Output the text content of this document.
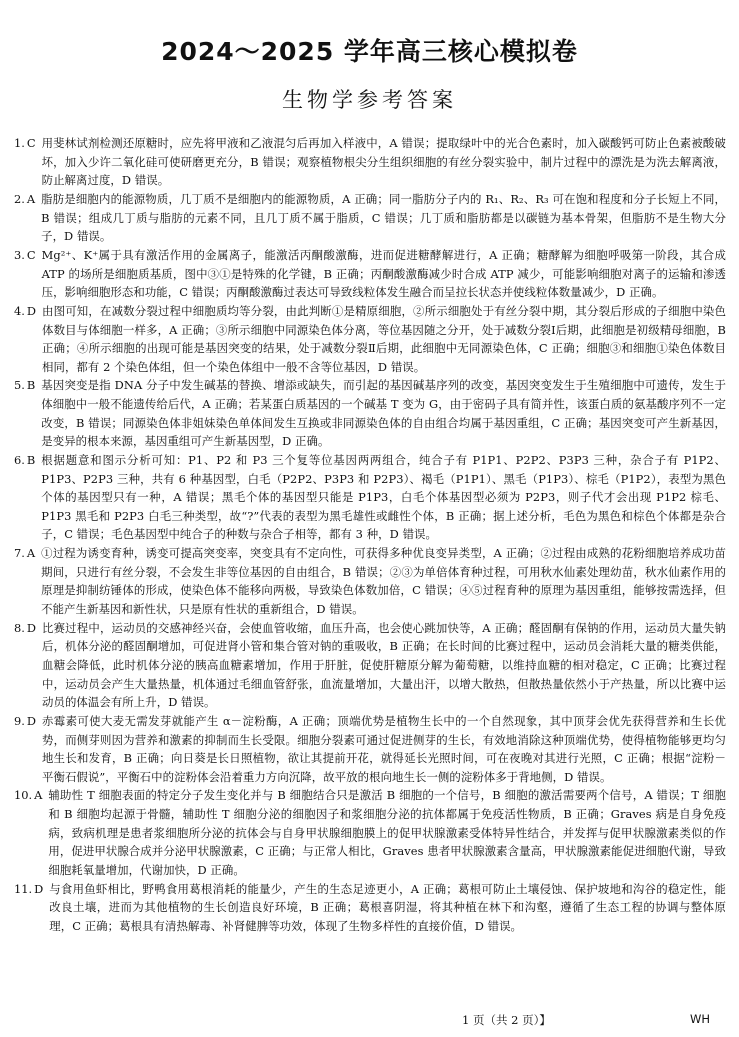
2024～2025 学年高三核心模拟卷
生物学参考答案
1. C 用斐林试剂检测还原糖时，应先将甲液和乙液混匀后再加入样液中，A 错误；提取绿叶中的光合色素时，加入碳酸钙可防止色素被酸破坏，加入少许二氧化硅可使研磨更充分，B 错误；观察植物根尖分生组织细胞的有丝分裂实验中，制片过程中的漂洗是为洗去解离液，防止解离过度，D 错误。
2. A 脂肪是细胞内的能源物质，几丁质不是细胞内的能源物质，A 正确；同一脂肪分子内的 R₁、R₂、R₃ 可在饱和程度和分子长短上不同，B 错误；组成几丁质与脂肪的元素不同，且几丁质不属于脂质，C 错误；几丁质和脂肪都是以碳链为基本骨架，但脂肪不是生物大分子，D 错误。
3. C Mg²⁺、K⁺属于具有激活作用的金属离子，能激活丙酮酸激酶，进而促进糖酵解进行，A 正确；糖酵解为细胞呼吸第一阶段，其合成 ATP 的场所是细胞质基质，图中③①是特殊的化学键，B 正确；丙酮酸激酶减少时合成 ATP 减少，可能影响细胞对离子的运输和渗透压，影响细胞形态和功能，C 错误；丙酮酸激酶过表达可导致线粒体发生融合而呈拉长状态并使线粒体数量减少，D 正确。
4. D 由图可知，在减数分裂过程中细胞质均等分裂，由此判断①是精原细胞，②所示细胞处于有丝分裂中期，其分裂后形成的子细胞中染色体数目与体细胞一样多，A 正确；③所示细胞中同源染色体分离，等位基因随之分开，处于减数分裂Ⅰ后期，此细胞是初级精母细胞，B 正确；④所示细胞的出现可能是基因突变的结果，处于减数分裂Ⅱ后期，此细胞中无同源染色体，C 正确；细胞③和细胞①染色体数目相同，都有 2 个染色体组，但一个染色体组中一般不含等位基因，D 错误。
5. B 基因突变是指 DNA 分子中发生碱基的替换、增添或缺失，而引起的基因碱基序列的改变，基因突变发生于生殖细胞中可遗传，发生于体细胞中一般不能遗传给后代，A 正确；若某蛋白质基因的一个碱基 T 变为 G，由于密码子具有简并性，该蛋白质的氨基酸序列不一定改变，B 错误；同源染色体非姐妹染色单体间发生互换或非同源染色体的自由组合均属于基因重组，C 正确；基因突变可产生新基因，是变异的根本来源，基因重组可产生新基因型，D 正确。
6. B 根据题意和图示分析可知：P1、P2 和 P3 三个复等位基因两两组合，纯合子有 P1P1、P2P2、P3P3 三种，杂合子有 P1P2、P1P3、P2P3 三种，共有 6 种基因型，白毛（P2P2、P3P3 和 P2P3）、褐毛（P1P1）、黑毛（P1P3）、棕毛（P1P2），表型为黑色个体的基因型只有一种，A 错误；黑毛个体的基因型只能是 P1P3，白毛个体基因型必须为 P2P3，则子代才会出现 P1P2 棕毛、P1P3 黑毛和 P2P3 白毛三种类型，故“?”代表的表型为黑毛雄性或雌性个体，B 正确；据上述分析，毛色为黑色和棕色个体都是杂合子，C 错误；毛色基因型中纯合子的种数与杂合子相等，都有 3 种，D 错误。
7. A ①过程为诱变育种，诱变可提高突变率，突变具有不定向性，可获得多种优良变异类型，A 正确；②过程由成熟的花粉细胞培养成功苗期间，只进行有丝分裂，不会发生非等位基因的自由组合，B 错误；②③为单倍体育种过程，可用秋水仙素处理幼苗，秋水仙素作用的原理是抑制纺锤体的形成，使染色体不能移向两极，导致染色体数加倍，C 错误；④⑤过程育种的原理为基因重组，能够按需选择，但不能产生新基因和新性状，只是原有性状的重新组合，D 错误。
8. D 比赛过程中，运动员的交感神经兴奋，会使血管收缩，血压升高，也会使心跳加快等，A 正确；醛固酮有保钠的作用，运动员大量失钠后，机体分泌的醛固酮增加，可促进肾小管和集合管对钠的重吸收，B 正确；在长时间的比赛过程中，运动员会消耗大量的糖类供能，血糖会降低，此时机体分泌的胰高血糖素增加，作用于肝脏，促使肝糖原分解为葡萄糖，以维持血糖的相对稳定，C 正确；比赛过程中，运动员会产生大量热量，机体通过毛细血管舒张，血流量增加，大量出汗，以增大散热，但散热量依然小于产热量，所以比赛中运动员的体温会有所上升，D 错误。
9. D 赤霉素可使大麦无需发芽就能产生 α－淀粉酶，A 正确；顶端优势是植物生长中的一个自然现象，其中顶芽会优先获得营养和生长优势，而侧芽则因为营养和激素的抑制而生长受限。细胞分裂素可通过促进侧芽的生长，有效地消除这种顶端优势，使得植物能够更均匀地生长和发育，B 正确；向日葵是长日照植物，欲让其提前开花，就得延长光照时间，可在夜晚对其进行光照，C 正确；根据“淀粉－平衡石假说”，平衡石中的淀粉体会沿着重力方向沉降，故平放的根向地生长一侧的淀粉体多于背地侧，D 错误。
10. A 辅助性 T 细胞表面的特定分子发生变化并与 B 细胞结合只是激活 B 细胞的一个信号，B 细胞的激活需要两个信号，A 错误；T 细胞和 B 细胞均起源于骨髓，辅助性 T 细胞分泌的细胞因子和浆细胞分泌的抗体都属于免疫活性物质，B 正确；Graves 病是自身免疫病，致病机理是患者浆细胞所分泌的抗体会与自身甲状腺细胞膜上的促甲状腺激素受体特异性结合，并发挥与促甲状腺激素类似的作用，促进甲状腺合成并分泌甲状腺激素，C 正确；与正常人相比，Graves 患者甲状腺激素含量高，甲状腺激素能促进细胞代谢，导致细胞耗氧量增加，代谢加快，D 正确。
11. D 与食用鱼虾相比，野鸭食用葛根消耗的能量少，产生的生态足迹更小，A 正确；葛根可防止土壤侵蚀、保护坡地和沟谷的稳定性，能改良土壤，进而为其他植物的生长创造良好环境，B 正确；葛根喜阴湿，将其种植在林下和沟壑，遵循了生态工程的协调与整体原理，C 正确；葛根具有清热解毒、补肾健脾等功效，体现了生物多样性的直接价值，D 错误。
1 页（共 2 页）】	WH
